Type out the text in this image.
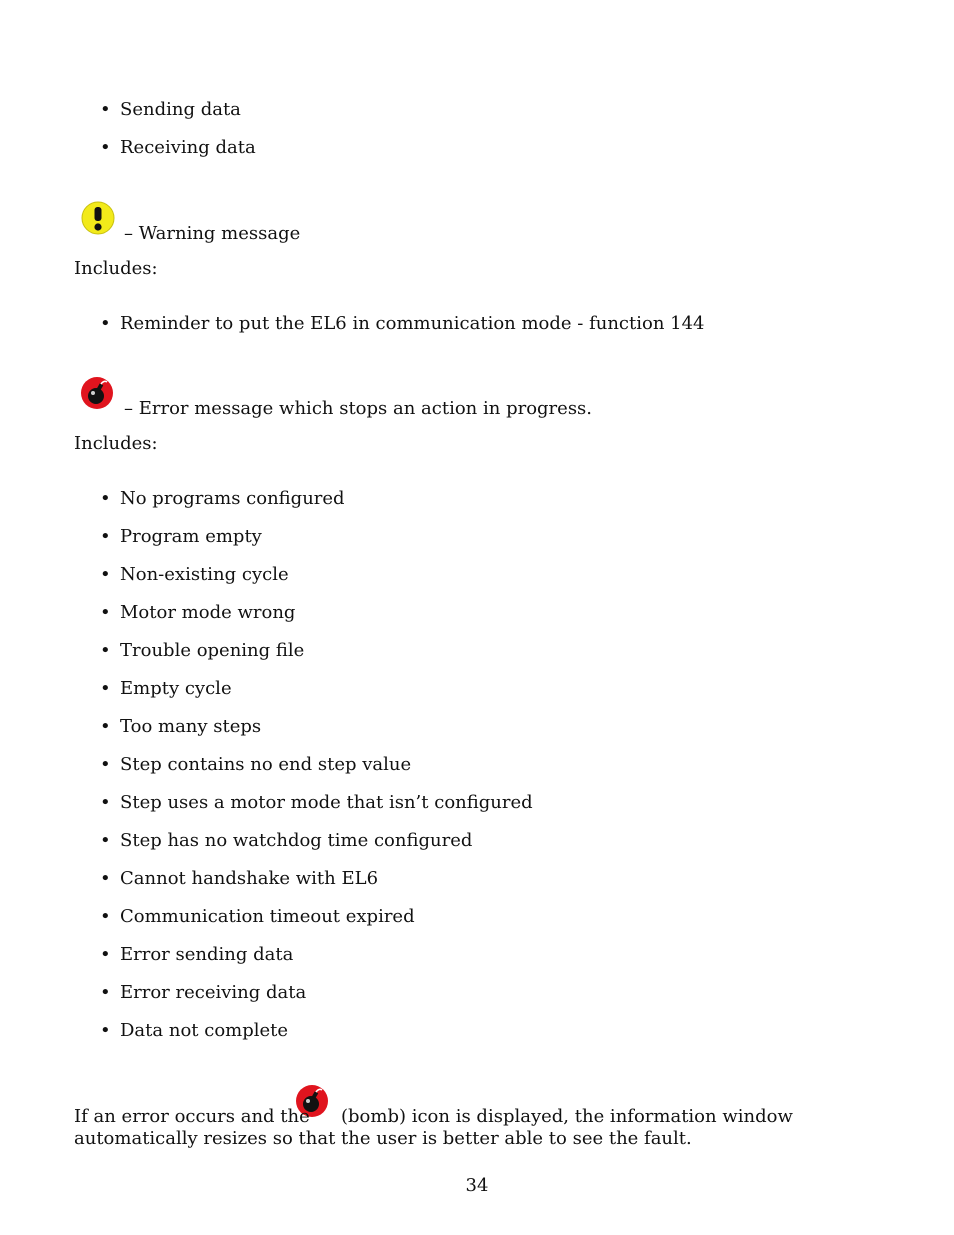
• Sending data
• Receiving data
– Warning message
Includes:
• Reminder to put the EL6 in communication mode - function 144
– Error message which stops an action in progress.
Includes:
• No programs configured
• Program empty
• Non-existing cycle
• Motor mode wrong
• Trouble opening file
• Empty cycle
• Too many steps
• Step contains no end step value
• Step uses a motor mode that isn’t configured
• Step has no watchdog time configured
• Cannot handshake with EL6
• Communication timeout expired
• Error sending data
• Error receiving data
• Data not complete
If an error occurs and the	(bomb) icon is displayed, the information window automatically resizes so that the user is better able to see the fault.
34
